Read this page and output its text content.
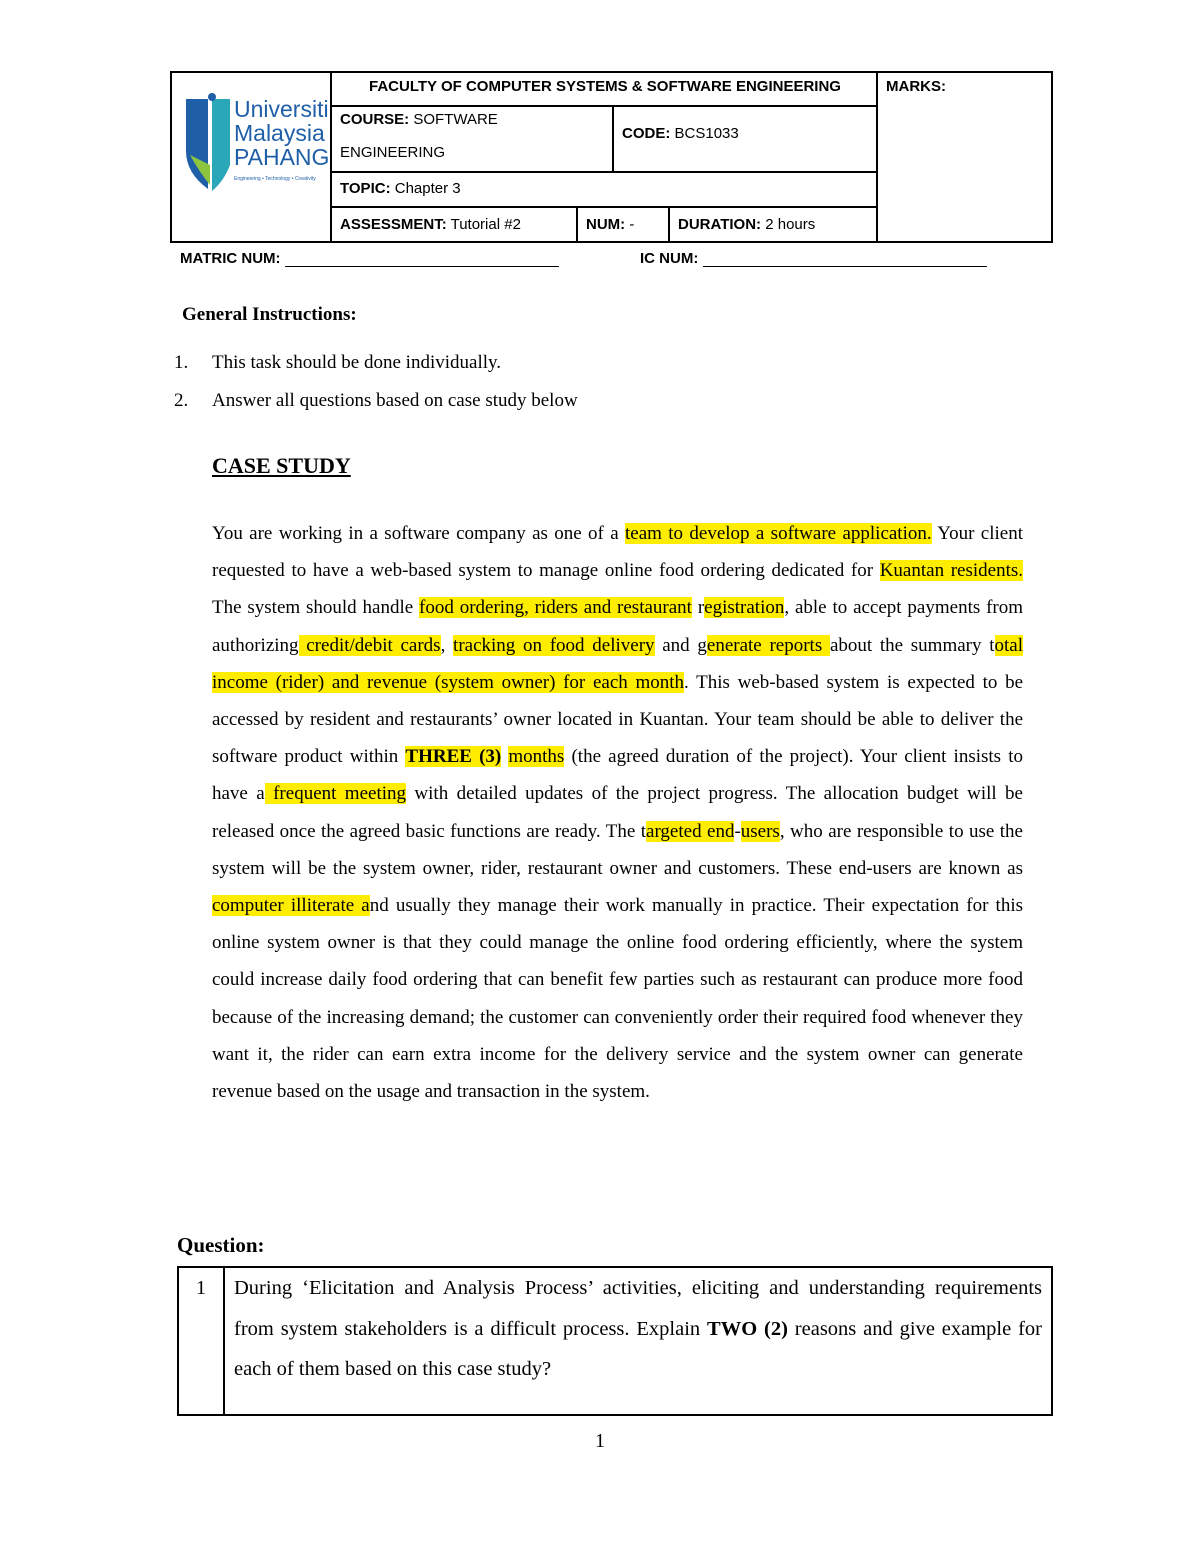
Universiti
Malaysia
PAHANG
Engineering • Technology • Creativity
FACULTY OF COMPUTER SYSTEMS & SOFTWARE ENGINEERING	MARKS:
COURSE: SOFTWARE
ENGINEERING
CODE: BCS1033
TOPIC: Chapter 3
ASSESSMENT: Tutorial #2	NUM: -	DURATION: 2 hours
MATRIC NUM:	IC NUM:
General Instructions:
1. This task should be done individually.
2. Answer all questions based on case study below
CASE STUDY
You are working in a software company as one of a team to develop a software application. Your client requested to have a web-based system to manage online food ordering dedicated for Kuantan residents. The system should handle food ordering, riders and restaurant registration, able to accept payments from authorizing credit/debit cards, tracking on food delivery and generate reports about the summary total income (rider) and revenue (system owner) for each month. This web-based system is expected to be accessed by resident and restaurants’ owner located in Kuantan. Your team should be able to deliver the software product within THREE (3) months (the agreed duration of the project). Your client insists to have a frequent meeting with detailed updates of the project progress. The allocation budget will be released once the agreed basic functions are ready. The targeted end-users, who are responsible to use the system will be the system owner, rider, restaurant owner and customers. These end-users are known as computer illiterate and usually they manage their work manually in practice. Their expectation for this online system owner is that they could manage the online food ordering efficiently, where the system could increase daily food ordering that can benefit few parties such as restaurant can produce more food because of the increasing demand; the customer can conveniently order their required food whenever they want it, the rider can earn extra income for the delivery service and the system owner can generate revenue based on the usage and transaction in the system.
Question:
1	During ‘Elicitation and Analysis Process’ activities, eliciting and understanding requirements from system stakeholders is a difficult process. Explain TWO (2) reasons and give example for each of them based on this case study?
1
